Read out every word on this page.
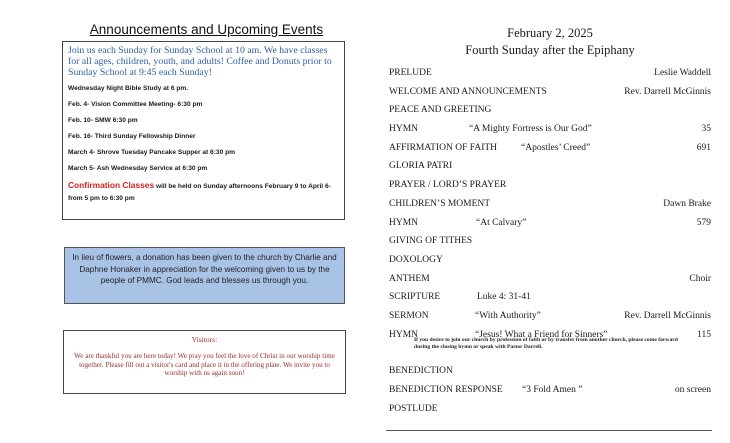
Announcements and Upcoming Events
Join us each Sunday for Sunday School at 10 am. We have classes for all ages, children, youth, and adults! Coffee and Donuts prior to Sunday School at 9:45 each Sunday!
Wednesday Night Bible Study at 6 pm.
Feb. 4- Vision Committee Meeting- 6:30 pm
Feb. 10- SMW 6:30 pm
Feb. 16- Third Sunday Fellowship Dinner
March 4- Shrove Tuesday Pancake Supper at 6:30 pm
March 5- Ash Wednesday Service at 6:30 pm
Confirmation Classes will be held on Sunday afternoons February 9 to April 6- from 5 pm to 6:30 pm
In lieu of flowers, a donation has been given to the church by Charlie and Daphne Honaker in appreciation for the welcoming given to us by the people of PMMC. God leads and blesses us through you.
Visitors:
We are thankful you are here today! We pray you feel the love of Christ in our worship time together. Please fill out a visitor's card and place it in the offering plate. We invite you to worship with us again soon!
February 2, 2025
Fourth Sunday after the Epiphany
PRELUDE	Leslie Waddell
WELCOME AND ANNOUNCEMENTS	Rev. Darrell McGinnis
PEACE AND GREETING
HYMN	“A Mighty Fortress is Our God”	35
AFFIRMATION OF FAITH	“Apostles’ Creed”	691
GLORIA PATRI
PRAYER / LORD’S PRAYER
CHILDREN’S MOMENT	Dawn Brake
HYMN	“At Calvary”	579
GIVING OF TITHES
DOXOLOGY
ANTHEM	Choir
SCRIPTURE	Luke 4: 31-41
SERMON	“With Authority”	Rev. Darrell McGinnis
HYMN	“Jesus! What a Friend for Sinners”	115
If you desire to join our church by profession of faith or by transfer from another church, please come forward during the closing hymn or speak with Pastor Darrell.
BENEDICTION
BENEDICTION RESPONSE “3 Fold Amen ”	on screen
POSTLUDE
